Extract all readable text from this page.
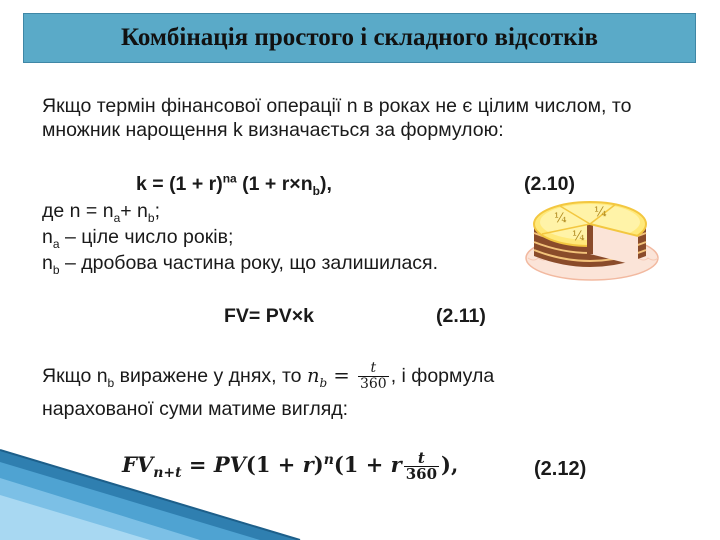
Комбінація простого і складного відсотків
Якщо термін фінансової операції n в роках не є цілим числом, то
множник нарощення k визначається за формулою:
$k = (1 + r)^{na}$ $(1 + r\times n_b)$,	(2.10)
де $n = n_a+ n_b$;
$n_a$ – ціле число років;
$n_b$ – дробова частина року, що залишилася.
FV= PV×k	(2.11)
Якщо $n_b$ виражене у днях, то $n_b = \frac{t}{360}$ , і формула
нарахованої суми матиме вигляд:
$FV_{n+t} = PV(1 + r)^n(1 + r \frac{t}{360}$ ),	(2.12)
¼
¼
¼
